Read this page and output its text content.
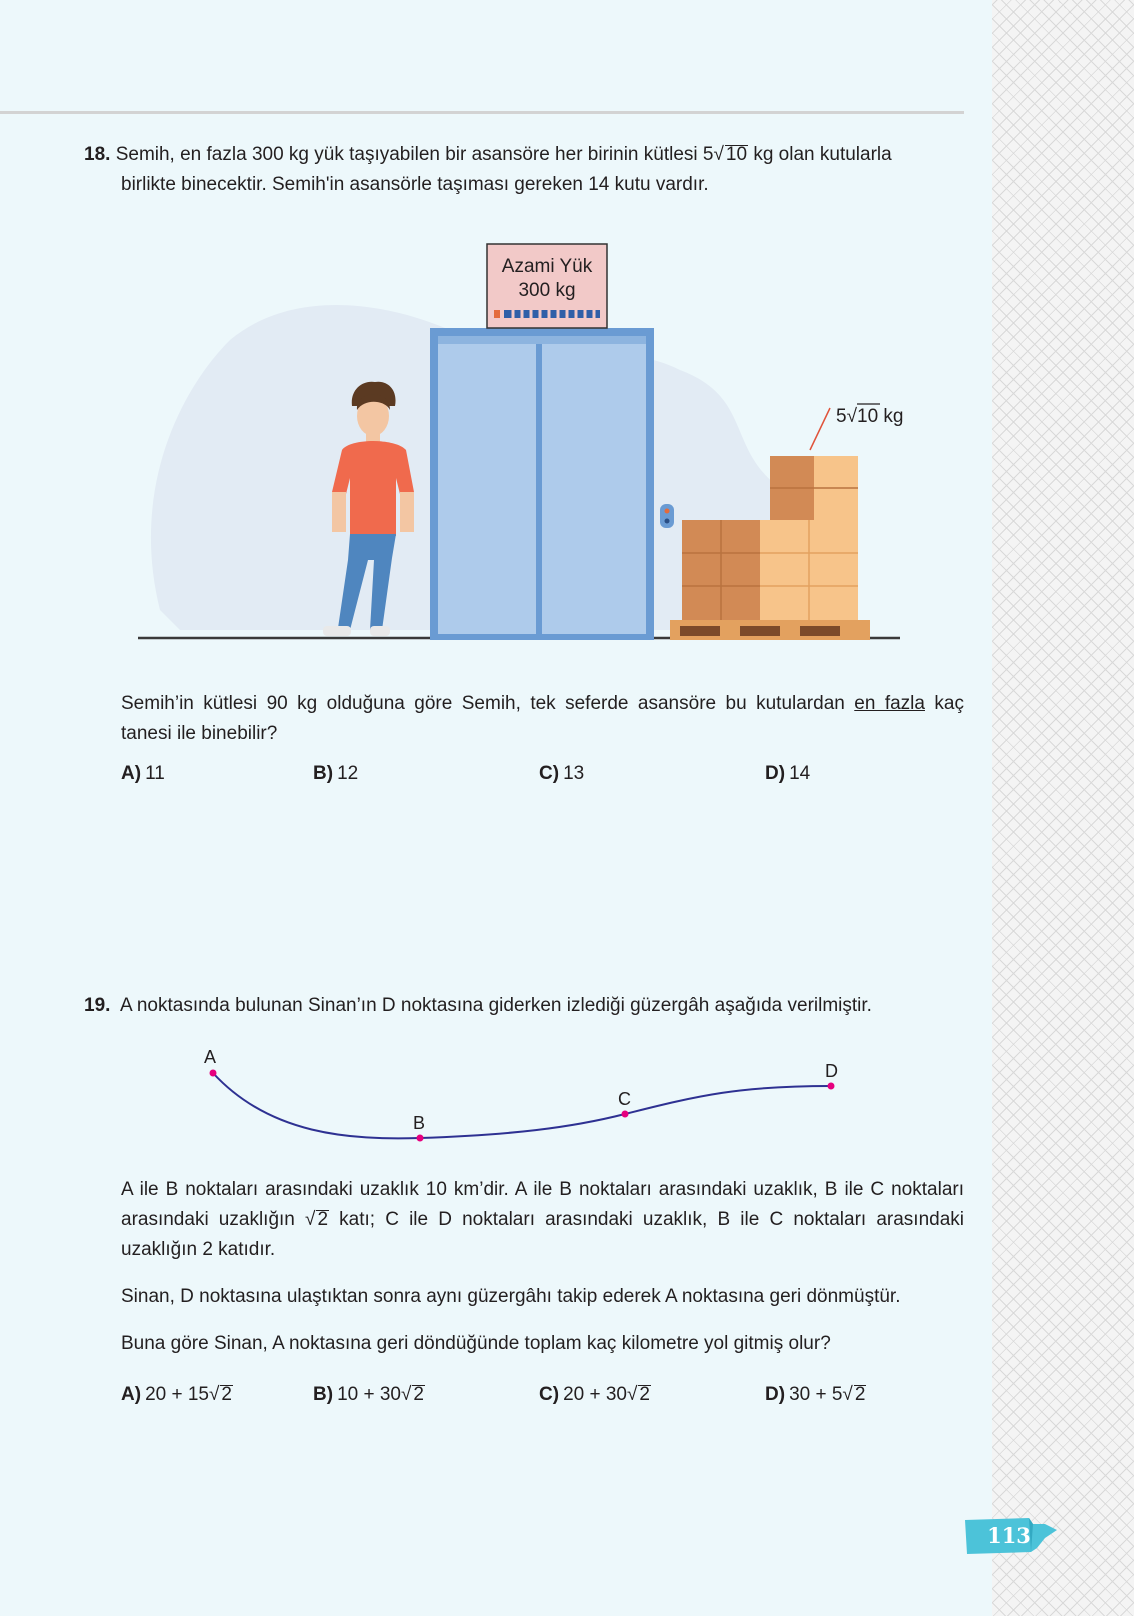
18. Semih, en fazla 300 kg yük taşıyabilen bir asansöre her birinin kütlesi 5√ 10 kg olan kutularla
birlikte binecektir. Semih'in asansörle taşıması gereken 14 kutu vardır.
Azami Yük
300 kg
5√10 kg
Semih’in kütlesi 90 kg olduğuna göre Semih, tek seferde asansöre bu kutulardan en fazla kaç
tanesi ile binebilir?
A) 11	B) 12	C) 13	D) 14
19. A noktasında bulunan Sinan’ın D noktasına giderken izlediği güzergâh aşağıda verilmiştir.
A
B
C
D
A ile B noktaları arasındaki uzaklık 10 km’dir. A ile B noktaları arasındaki uzaklık, B ile C noktaları
arasındaki uzaklığın √ 2 katı; C ile D noktaları arasındaki uzaklık, B ile C noktaları arasındaki
uzaklığın 2 katıdır.
Sinan, D noktasına ulaştıktan sonra aynı güzergâhı takip ederek A noktasına geri dönmüştür.
Buna göre Sinan, A noktasına geri döndüğünde toplam kaç kilometre yol gitmiş olur?
A) 20 + 15√ 2	B) 10 + 30√ 2	C) 20 + 30√ 2	D) 30 + 5√ 2
113
